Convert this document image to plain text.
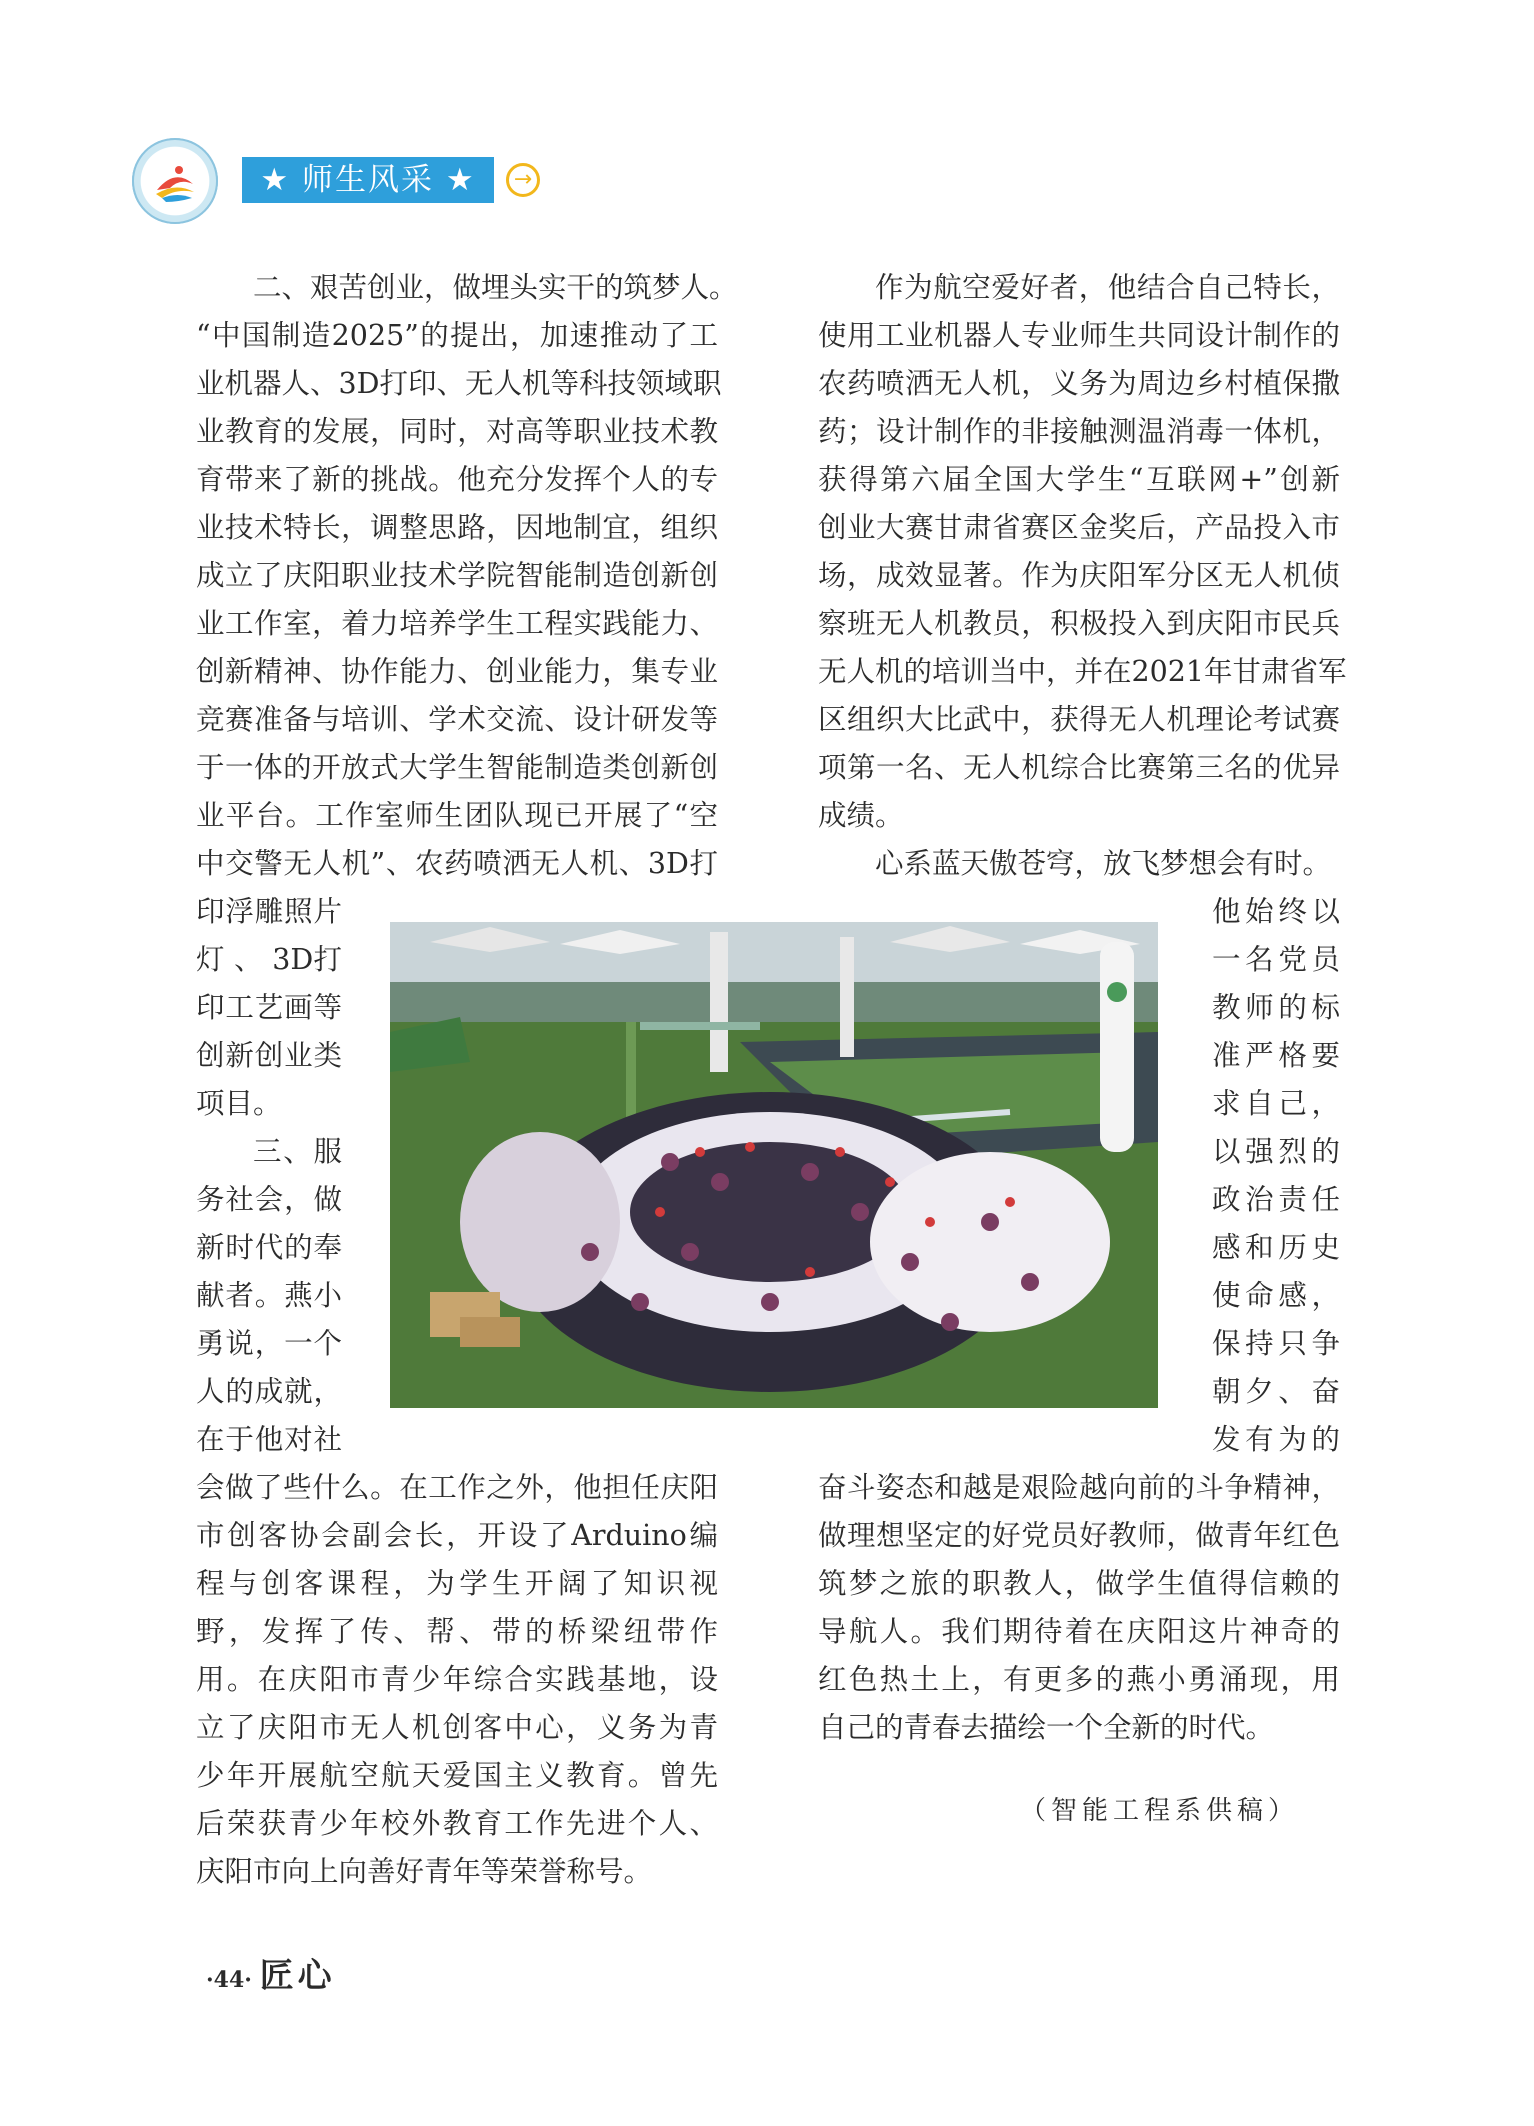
★ 师生风采 ★	→
二、艰苦创业，做埋头实干的筑梦人。
“中国制造2025”的提出，加速推动了工
业机器人、3D打印、无人机等科技领域职
业教育的发展，同时，对高等职业技术教
育带来了新的挑战。他充分发挥个人的专
业技术特长，调整思路，因地制宜，组织
成立了庆阳职业技术学院智能制造创新创
业工作室，着力培养学生工程实践能力、
创新精神、协作能力、创业能力，集专业
竞赛准备与培训、学术交流、设计研发等
于一体的开放式大学生智能制造类创新创
业平台。工作室师生团队现已开展了“空
中交警无人机”、农药喷洒无人机、3D打
印浮雕照片
灯 、 3D打
印工艺画等
创新创业类
项目。
三、服
务社会，做
新时代的奉
献者。燕小
勇说，一个
人的成就，
在于他对社
会做了些什么。在工作之外，他担任庆阳
市创客协会副会长，开设了Arduino编
程与创客课程，为学生开阔了知识视
野，发挥了传、帮、带的桥梁纽带作
用。在庆阳市青少年综合实践基地，设
立了庆阳市无人机创客中心，义务为青
少年开展航空航天爱国主义教育。曾先
后荣获青少年校外教育工作先进个人、
庆阳市向上向善好青年等荣誉称号。
作为航空爱好者，他结合自己特长，
使用工业机器人专业师生共同设计制作的
农药喷洒无人机，义务为周边乡村植保撒
药；设计制作的非接触测温消毒一体机，
获得第六届全国大学生“互联网+”创新
创业大赛甘肃省赛区金奖后，产品投入市
场，成效显著。作为庆阳军分区无人机侦
察班无人机教员，积极投入到庆阳市民兵
无人机的培训当中，并在2021年甘肃省军
区组织大比武中，获得无人机理论考试赛
项第一名、无人机综合比赛第三名的优异
成绩。
心系蓝天傲苍穹，放飞梦想会有时。
他始终以
一名党员
教师的标
准严格要
求自己，
以强烈的
政治责任
感和历史
使命感，
保持只争
朝夕、奋
发有为的
奋斗姿态和越是艰险越向前的斗争精神，
做理想坚定的好党员好教师，做青年红色
筑梦之旅的职教人，做学生值得信赖的
导航人。我们期待着在庆阳这片神奇的
红色热土上，有更多的燕小勇涌现，用
自己的青春去描绘一个全新的时代。
（智能工程系供稿）
·44· 匠心
